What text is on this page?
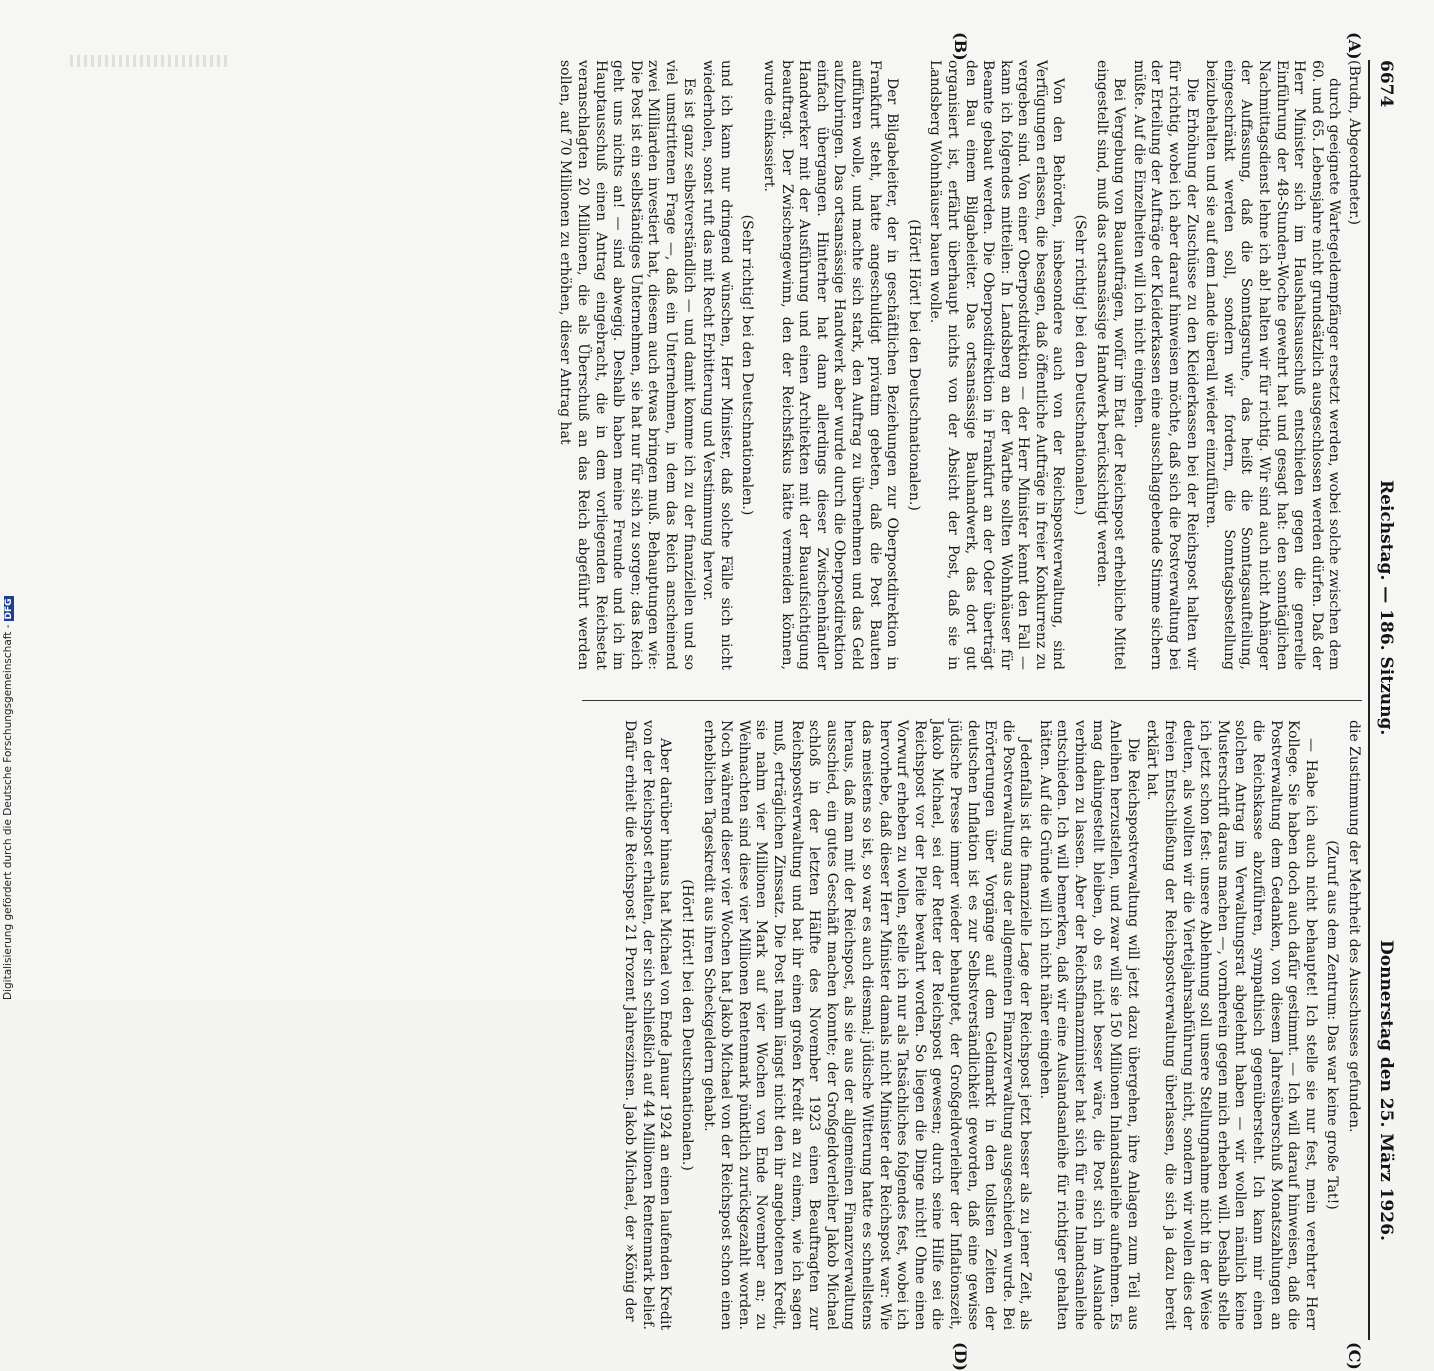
6674
Reichstag. — 186. Sitzung.
Donnerstag den 25. März 1926.
(A)
(B)
(C)
(D)

(Brudn, Abgeordneter.)

durch geeignete Wartegeldempfänger ersetzt werden, wobei solche zwischen dem 60. und 65. Lebensjahre nicht grundsätzlich ausgeschlossen werden dürfen. Daß der Herr Minister sich im Haushaltsausschuß entschieden gegen die generelle Einführung der 48-Stunden-Woche gewehrt hat und gesagt hat: den sonntäglichen Nachmittagsdienst lehne ich ab! halten wir für richtig. Wir sind auch nicht Anhänger der Auffassung, daß die Sonntagsruhe, das heißt die Sonntagsaufteilung, eingeschränkt werden soll, sondern wir fordern, die Sonntagsbestellung beizubehalten und sie auf dem Lande überall wieder einzuführen.

Die Erhöhung der Zuschüsse zu den Kleiderkassen bei der Reichspost halten wir für richtig, wobei ich aber darauf hinweisen möchte, daß sich die Postverwaltung bei der Erteilung der Aufträge der Kleiderkassen eine ausschlaggebende Stimme sichern müßte. Auf die Einzelheiten will ich nicht eingehen.

Bei Vergebung von Bauaufträgen, wofür im Etat der Reichspost erhebliche Mittel eingestellt sind, muß das ortsansässige Handwerk berücksichtigt werden.

(Sehr richtig! bei den Deutschnationalen.)

Von den Behörden, insbesondere auch von der Reichspostverwaltung, sind Verfügungen erlassen, die besagen, daß öffentliche Aufträge in freier Konkurrenz zu vergeben sind. Von einer Oberpostdirektion — der Herr Minister kennt den Fall — kann ich folgendes mitteilen: In Landsberg an der Warthe sollten Wohnhäuser für Beamte gebaut werden. Die Oberpostdirektion in Frankfurt an der Oder überträgt den Bau einem Bilgabeleiter. Das ortsansässige Bauhandwerk, das dort gut organisiert ist, erfährt überhaupt nichts von der Absicht der Post, daß sie in Landsberg Wohnhäuser bauen wolle.

(Hört! Hört! bei den Deutschnationalen.)

Der Bilgabeleiter, der in geschäftlichen Beziehungen zur Oberpostdirektion in Frankfurt steht, hatte angeschuldigt privatim gebeten, daß die Post Bauten aufführen wolle, und machte sich stark, den Auftrag zu übernehmen und das Geld aufzubringen. Das ortsansässige Handwerk aber wurde durch die Oberpostdirektion einfach übergangen. Hinterher hat dann allerdings dieser Zwischenhändler Handwerker mit der Ausführung und einen Architekten mit der Bauaufsichtigung beauftragt. Der Zwischengewinn, den der Reichsfiskus hätte vermeiden können, wurde einkassiert.

(Sehr richtig! bei den Deutschnationalen.)

und ich kann nur dringend wünschen, Herr Minister, daß solche Fälle sich nicht wiederholen, sonst ruft das mit Recht Erbitterung und Verstimmung hervor.

Es ist ganz selbstverständlich — und damit komme ich zu der finanziellen und so viel umstrittenen Frage —, daß ein Unternehmen, in dem das Reich anscheinend zwei Milliarden investiert hat, diesem auch etwas bringen muß. Behauptungen wie: Die Post ist ein selbständiges Unternehmen, sie hat nur für sich zu sorgen; das Reich geht uns nichts an! — sind abwegig. Deshalb haben meine Freunde und ich im Hauptausschuß einen Antrag eingebracht, die in dem vorliegenden Reichsetat veranschlagten 20 Millionen, die als Überschuß an das Reich abgeführt werden sollen, auf 70 Millionen zu erhöhen, dieser Antrag hat

die Zustimmung der Mehrheit des Ausschusses gefunden.

(Zuruf aus dem Zentrum: Das war keine große Tat!)

— Habe ich auch nicht behauptet! Ich stelle sie nur fest, mein verehrter Herr Kollege. Sie haben doch auch dafür gestimmt. — Ich will darauf hinweisen, daß die Postverwaltung dem Gedanken, von diesem Jahresüberschuß Monatszahlungen an die Reichskasse abzuführen, sympathisch gegenübersteht. Ich kann mir einen solchen Antrag im Verwaltungsrat abgelehnt haben — wir wollen nämlich keine Musterschrift daraus machen —, vornherein gegen mich erheben will. Deshalb stelle ich jetzt schon fest: unsere Ablehnung soll unsere Stellungnahme nicht in der Weise deuten, als wollten wir die Vierteljahrsabführung nicht, sondern wir wollen dies der freien Entschließung der Reichspostverwaltung überlassen, die sich ja dazu bereit erklärt hat.

Die Reichspostverwaltung will jetzt dazu übergehen, ihre Anlagen zum Teil aus Anleihen herzustellen, und zwar will sie 150 Millionen Inlandsanleihe aufnehmen. Es mag dahingestellt bleiben, ob es nicht besser wäre, die Post sich im Auslande verbinden zu lassen. Aber der Reichsfinanzminister hat sich für eine Inlandsanleihe entschieden. Ich will bemerken, daß wir eine Auslandsanleihe für richtiger gehalten hätten. Auf die Gründe will ich nicht näher eingehen.

Jedenfalls ist die finanzielle Lage der Reichspost jetzt besser als zu jener Zeit, als die Postverwaltung aus der allgemeinen Finanzverwaltung ausgeschieden wurde. Bei Erörterungen über Vorgänge auf dem Geldmarkt in den tollsten Zeiten der deutschen Inflation ist es zur Selbstverständlichkeit geworden, daß eine gewisse jüdische Presse immer wieder behauptet, der Großgeldverleiher der Inflationszeit, Jakob Michael, sei der Retter der Reichspost gewesen; durch seine Hilfe sei die Reichspost vor der Pleite bewahrt worden. So liegen die Dinge nicht! Ohne einen Vorwurf erheben zu wollen, stelle ich nur als Tatsächliches folgendes fest, wobei ich hervorhebe, daß dieser Herr Minister damals nicht Minister der Reichspost war: Wie das meistens so ist, so war es auch diesmal; jüdische Witterung hatte es schnellstens heraus, daß man mit der Reichspost, als sie aus der allgemeinen Finanzverwaltung ausschied, ein gutes Geschäft machen konnte; der Großgeldverleiher Jakob Michael schloß in der letzten Hälfte des November 1923 einen Beauftragten zur Reichspostverwaltung und bat ihr einen großen Kredit an zu einem, wie ich sagen muß, erträglichen Zinssatz. Die Post nahm längst nicht den ihr angebotenen Kredit, sie nahm vier Millionen Mark auf vier Wochen von Ende November an; zu Weihnachten sind diese vier Millionen Rentenmark pünktlich zurückgezahlt worden. Noch während dieser vier Wochen hat Jakob Michael von der Reichspost schon einen erheblichen Tageskredit aus ihren Scheckgeldern gehabt.

(Hört! Hört! bei den Deutschnationalen.)

Aber darüber hinaus hat Michael von Ende Januar 1924 an einen laufenden Kredit von der Reichspost erhalten, der sich schließlich auf 44 Millionen Rentenmark belief. Dafür erhielt die Reichspost 21 Prozent Jahreszinsen. Jakob Michael, der »König der

Digitalisierung gefördert durch die Deutsche Forschungsgemeinschaft -DFG
